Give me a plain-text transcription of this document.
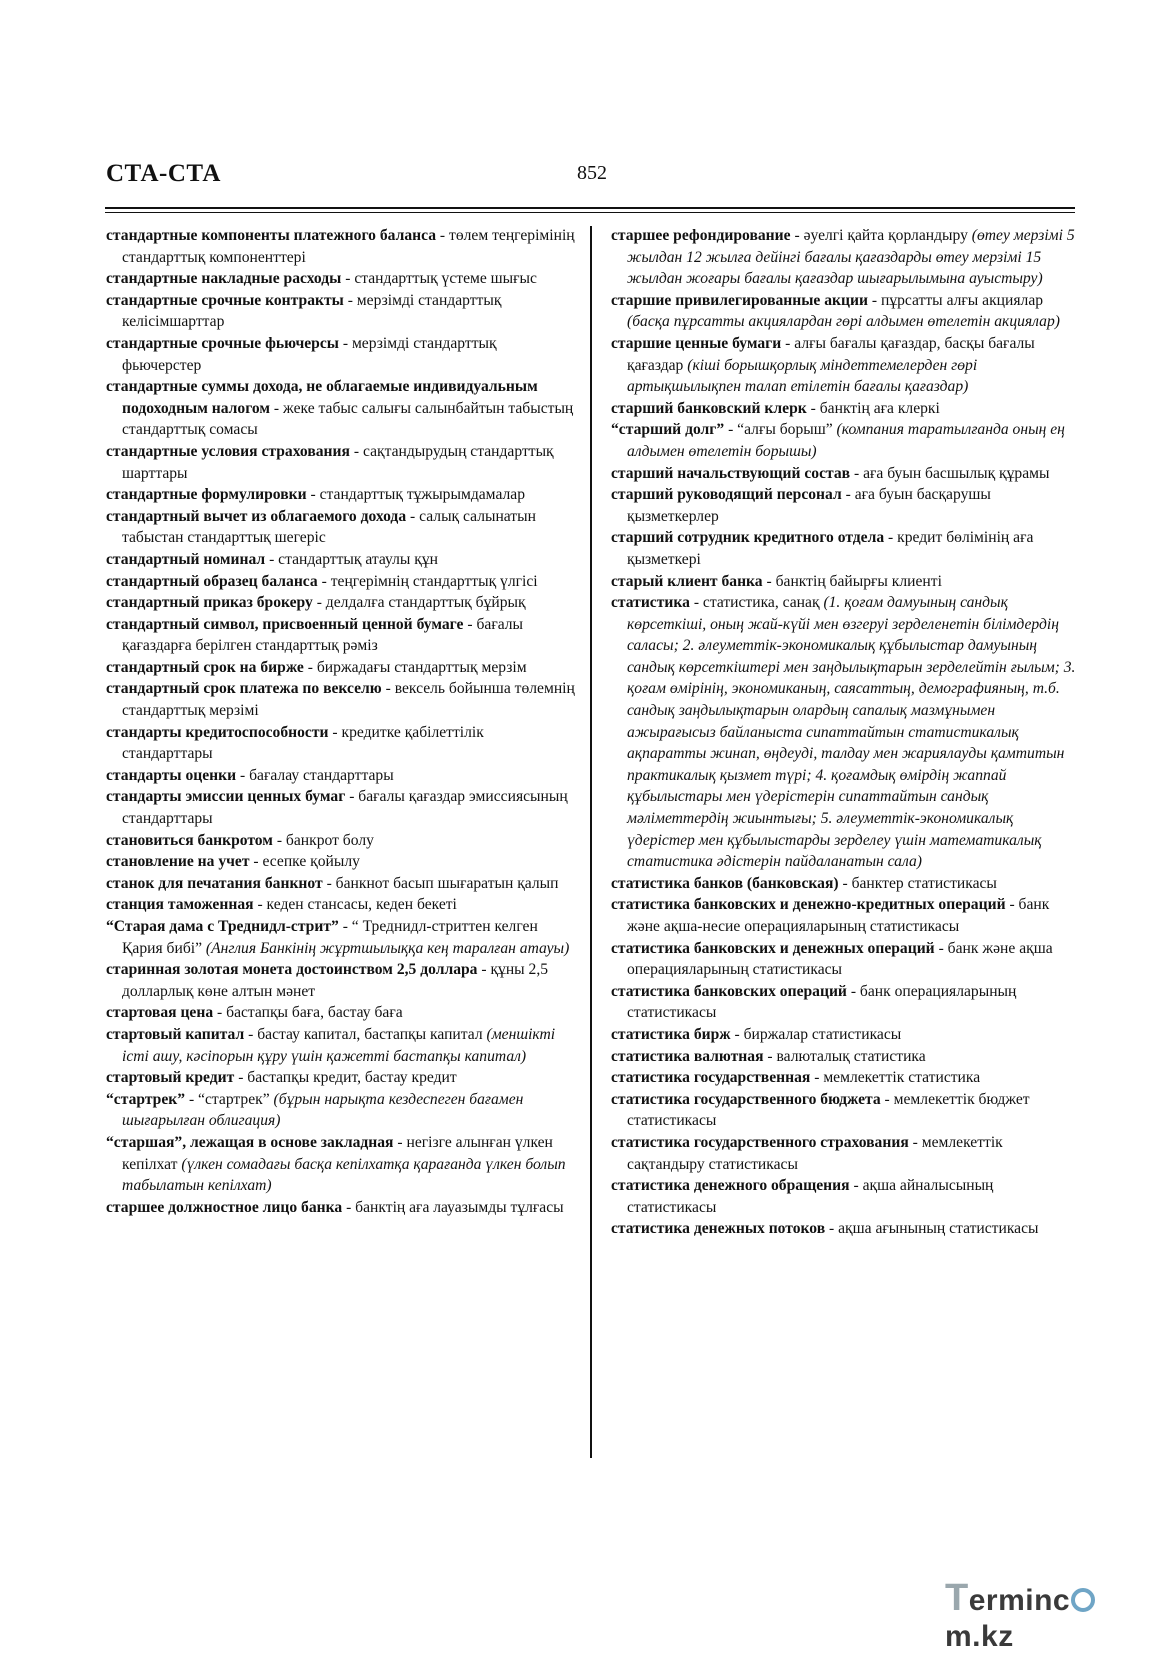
СТА-СТА	852
стандартные компоненты платежного баланса - төлем теңгерімінің стандарттық компоненттері
стандартные накладные расходы - стандарттық үстеме шығыс
стандартные срочные контракты - мерзімді стандарттық келісімшарттар
стандартные срочные фьючерсы - мерзімді стандарттық фьючерстер
стандартные суммы дохода, не облагаемые индивидуальным подоходным налогом - жеке табыс салығы салынбайтын табыстың стандарттық сомасы
стандартные условия страхования - сақтандырудың стандарттық шарттары
стандартные формулировки - стандарттық тұжырымдамалар
стандартный вычет из облагаемого дохода - салық салынатын табыстан стандарттық шегеріс
стандартный номинал - стандарттық атаулы құн
стандартный образец баланса - теңгерімнің стандарттық үлгісі
стандартный приказ брокеру - делдалға стандарттық бұйрық
стандартный символ, присвоенный ценной бумаге - бағалы қағаздарға берілген стандарттық рәміз
стандартный срок на бирже - биржадағы стандарттық мерзім
стандартный срок платежа по векселю - вексель бойынша төлемнің стандарттық мерзімі
стандарты кредитоспособности - кредитке қабілеттілік стандарттары
стандарты оценки - бағалау стандарттары
стандарты эмиссии ценных бумаг - бағалы қағаздар эмиссиясының стандарттары
становиться банкротом - банкрот болу
становление на учет - есепке қойылу
станок для печатания банкнот - банкнот басып шығаратын қалып
станция таможенная - кеден стансасы, кеден бекеті
“Старая дама с Треднидл-стрит” - “ Треднидл-стриттен келген Қария бибі” (Англия Банкінің жұртшылыққа кең таралған атауы)
старинная золотая монета достоинством 2,5 доллара - құны 2,5 долларлық көне алтын мәнет
стартовая цена - бастапқы баға, бастау баға
стартовый капитал - бастау капитал, бастапқы капитал (меншікті істі ашу, кәсіпорын құру үшін қажетті бастапқы капитал)
стартовый кредит - бастапқы кредит, бастау кредит
“стартрек” - “стартрек” (бұрын нарықта кездеспеген бағамен шығарылған облигация)
“старшая”, лежащая в основе закладная - негізге алынған үлкен кепілхат (үлкен сомадағы басқа кепілхатқа қарағанда үлкен болып табылатын кепілхат)
старшее должностное лицо банка - банктің аға лауазымды тұлғасы
старшее рефондирование - әуелгі қайта қорландыру (өтеу мерзімі 5 жылдан 12 жылға дейінгі бағалы қағаздарды өтеу мерзімі 15 жылдан жоғары бағалы қағаздар шығарылымына ауыстыру)
старшие привилегированные акции - пұрсатты алғы акциялар (басқа пұрсатты акциялардан гөрі алдымен өтелетін акциялар)
старшие ценные бумаги - алғы бағалы қағаздар, басқы бағалы қағаздар (кіші борышқорлық міндеттемелерден гөрі артықшылықпен талап етілетін бағалы қағаздар)
старший банковский клерк - банктің аға клеркі
“старший долг” - “алғы борыш” (компания таратылғанда оның ең алдымен өтелетін борышы)
старший начальствующий состав - аға буын басшылық құрамы
старший руководящий персонал - аға буын басқарушы қызметкерлер
старший сотрудник кредитного отдела - кредит бөлімінің аға қызметкері
старый клиент банка - банктің байырғы клиенті
статистика - статистика, санақ (1. қоғам дамуының сандық көрсеткіші, оның жай-күйі мен өзгеруі зерделенетін білімдердің саласы; 2. әлеуметтік-экономикалық құбылыстар дамуының сандық көрсеткіштері мен заңдылықтарын зерделейтін ғылым; 3. қоғам өмірінің, экономиканың, саясаттың, демографияның, т.б. сандық заңдылықтарын олардың сапалық мазмұнымен ажырағысыз байланыста сипаттайтын статистикалық ақпаратты жинап, өңдеуді, талдау мен жариялауды қамтитын практикалық қызмет түрі; 4. қоғамдық өмірдің жаппай құбылыстары мен үдерістерін сипаттайтын сандық мәліметтердің жиынтығы; 5. әлеуметтік-экономикалық үдерістер мен құбылыстарды зерделеу үшін математикалық статистика әдістерін пайдаланатын сала)
статистика банков (банковская) - банктер статистикасы
статистика банковских и денежно-кредитных операций - банк және ақша-несие операцияларының статистикасы
статистика банковских и денежных операций - банк және ақша операцияларының статистикасы
статистика банковских операций - банк операцияларының статистикасы
статистика бирж - биржалар статистикасы
статистика валютная - валюталық статистика
статистика государственная - мемлекеттік статистика
статистика государственного бюджета - мемлекеттік бюджет статистикасы
статистика государственного страхования - мемлекеттік сақтандыру статистикасы
статистика денежного обращения - ақша айналысының статистикасы
статистика денежных потоков - ақша ағынының статистикасы
Termincm.kz
